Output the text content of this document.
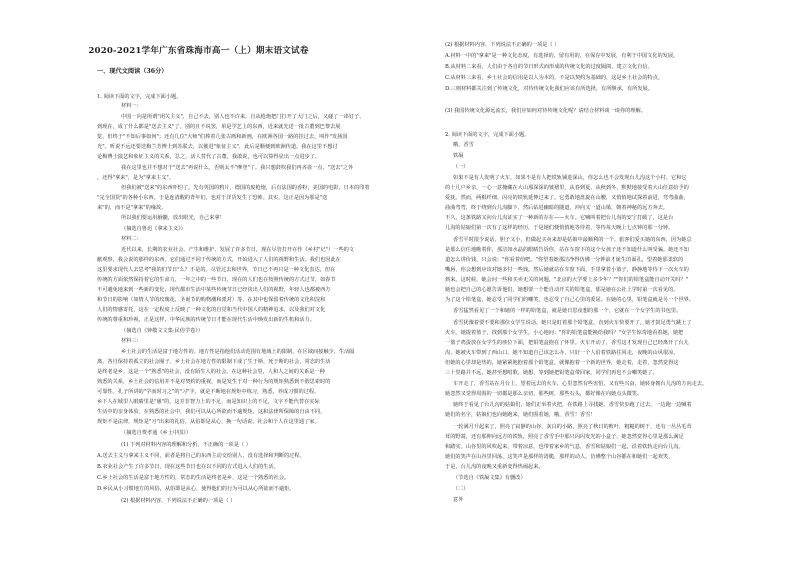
2020-2021学年广东省珠海市高一（上）期末语文试卷
一、现代文阅读（36分）
1. 阅读下面的文字，完成下面小题。
材料一：
中国一向是所谓"闭关主义"，自己不去，别人也不许来。自从枪炮把门打开了大门之后，又碰了一串钉子，
到现在，成了什么都是"送去主义"了。别的且不说罢，单是学艺上的东西，近来就先送一批古董到巴黎去展
览，但终于"不知后事如何"；还有几位"大师"们捧着几张古画和新画，在欧洲各国一路的挂过去，叫作"发扬国
光"。听说不远还要送梅兰芳博士到苏联去，以催进"象征主义"，此后是顺便到欧洲传道。我在这里不想讨
论梅博士演艺和象征主义的关系，总之，活人替代了古董，我敢说，也可以算得显出一点进步了。
我在这里也并不想对于"送去"再说什么，否则太不"摩登"了。我只想鼓吹我们再吝啬一点，"送去"之外
，还得"拿来"，是为"拿来主义"。
但我们被"送来"的东西吓怕了。先有英国的鸦片，德国的废枪炮，后有法国的香粉，美国的电影，日本的印着
"完全国货"的各种小东西。于是连清醒的青年们，也对于洋货发生了恐怖。其实，这正是因为那是"送
来"的，而不是"拿来"的缘故。
所以我们要运用脑髓，放出眼光，自己来拿！
（摘选自鲁迅《拿来主义》）
材料二：
近代以来，长期的农业社会，产生和维护、发展了许多节日，现在尽管打开在作《乡村"记"）一些的文
献观察，我会说的那样的东西，它们通过不同于传统的方式，开始进入了人们的视野和生活。我们也因此在
这里要求现代人去思考"我的们节日"么？不是的。尽管过去和世界，节日已不再只是一种文化表达，但在
传统的方面依然保持着它的生命力，一年之中的一些节日，现在的人们也在按照传统的方式过节，如春节
不可避免地来到一些新的变化，现代都市生活中某些传统节日已经淡出人们的视野，年轻人也都被西方
和节日的影响（如情人节的玫瑰花，圣诞节的购物潮和派对）等，在其中也保留着传统的文化积淀和
人们的情感寄托，这在一定程度上反映了一种文化的自觉和当代中国人的精神追求，以及我们对文化
传统的尊重和珍视，正是这样，中华民族的传统节日才能在现代生活中焕发出新的生机和活力。
（摘选自《钟敬文文集·民俗学卷》）
材料三：
乡土社会的生活是富于地方性的。地方性是指他们活动范围有地域上的限制，在区域间接触少，生活隔
离，各自保持着孤立的社会圈子。乡土社会在地方性的限制下成了生于斯、死于斯的社会，常态的生活
是终老是乡。这是一个"熟悉"的社会，没有陌生人的社会。在这种社会里，人和人之间的关系是一种
熟悉的关系，乡土社会的信用并不是对契约的重视，而是发生于对一种行为的规矩熟悉到不假思索时的
可靠性。孔子所讲的"学而时习之"的"习"字，就是不断地在规矩中练习，熟悉，养成习惯的过程。
乡下人在城里人眼睛里是"愚"的，这并非智力上的不足，而是知识上的不足，文字不能代替在实际
生活中的亲身体验。在熟悉的社会中，我们可以从心所欲而不逾规矩，这和法律所保障的自由不同，
规矩不是法律，规矩是"习"出来的礼俗。从俗即是从心，换一句话说，社会和个人在这里通了家。
（摘选自费孝通《乡土中国》）
(1) 下列对材料内容的理解和分析，不正确的一项是（ ）
A.送去主义与拿来主义不同，前者是将自己的东西主动交给别人，没有选择和判断的过程。
B.农业社会产生了许多节日，现在这些节日也在以不同的方式进入人们的生活。
C.乡土社会的生活是富于地方性的，常态的生活是终老是乡，这是一个熟悉的社会。
D.乡民从小习惯地方的风俗，从俗即是从心，使得他们的行为可以从心所欲而不逾矩。
(2) 根据材料内容，下列说法不正确的一项是（ ）
(2) 根据材料内容，下列说法不正确的一项是（ ）
A.材料一中的"拿来"是一种文化态度，有选择的，留有用的，在保存中发展，有利于中国文化的发展。
B.从材料二来看，人们由于各自的节日形式而形成的传统文化的过度隔阂，建立文化自信。
C.从材料三来看，乡土社会的信用是以人为本的，不是以契约为基础的，这是乡土社会的特点。
D.三则材料都关注到了传统文化，对待传统文化我们应该有所选择，有所继承，有所发展。
(3) 我国传统文化源远流长，我们应如何对待传统文化呢？请结合材料谈一谈你的理解。
2. 阅读下面的文字，完成下面小题。
哦，香雪
铁凝
（一）
如果不是有人发明了火车，如果不是有人把铁轨铺进深山，你怎么也不会发现台儿沟这个小村。它和它
的十几户乡亲，一心一意掩藏在大山那深深的皱褶里，从春到夏，从秋到冬，默默地接受着大山任意给予的
爱抚。然而，两根纤细、闪亮的铁轨延伸过来了。它勇敢地盘旋在山腰，又悄悄地试探着前进，弯弯曲曲，
曲曲弯弯，终于绕到台儿沟脚下，然后钻进幽暗的隧道，冲向又一道山梁，朝着神秘的远方奔去。
不久，这条铁路又向台儿沟证实了一种新的存在——火车。它喊叫着把台儿沟的安宁打破了，这是台
儿沟的姑娘们第一次有了这样的经历，于是她们便悄悄地等待着，等待每天晚上七点钟的那一分钟。
香雪平时很少说话，胆子又小，但做起买卖来却是姑娘中最顺利的一个。旅客们爱买她的东西，因为她总
是那么信任地瞧着你，那洁如水晶的眼睛告诉你，站在车窗下的这个女孩子还不知道什么叫受骗。她还不知
道怎么讲价钱，只会说："你看着给吧。"你望着她那洁净得仿佛一分钟前才诞生的面孔，望着她那柔软的
嘴唇，你会想到应该对她多付一些钱。然后她就站在车窗下面，手里拿着小篮子，静静地等待下一次火车的
到来。这时候，她会问一些和买卖无关的问题，"北京的大学要上多少年？""你们的铅笔盒能自动开关吗？"
她也会把自己的心愿告诉他们，她想要一个能自动开关的铅笔盒，那是她在公社上学时第一次看见的。
为了这个铅笔盒，她忍受了同学们的嘲笑，也忍受了自己心里的委屈。在她的心里，铅笔盒就是另一个世界。
香雪猛然看见了一个和她的一样的铅笔盒，就是她日思夜想的那一个，它就在一个女学生的书包里。
香雪犹豫着要不要和那位女学生说话，她只是盯着那个铅笔盒，直到火车快要开了，她才鼓足勇气跳上了
火车。她提着篮子，找到那个女学生，小心地问："你的铅笔盒能换给我吗？"女学生惊奇地看着她，她把
一篮子鸡蛋放在女学生的座位下面，把铅笔盒抱在了怀里。火车开动了，香雪这才发现自己已经离开了台儿
沟，她被火车带到了西山口。她不知道自己该怎么办，只好一个人沿着铁路往回走，夜晚的山风很凉，
但她的心里却是热的，她紧紧地抱着那个铅笔盒，就像抱着一个新的世界，她走着，走着，忽然觉得这
三十里路并不远，她甚至想唱歌，她想，等到她把铅笔盒带回家，同学们再也不会嘲笑她了。
车开走了，香雪站在月台上，望着远去的火车，心里忽然有些害怕，又有些兴奋，她转身朝台儿沟的方向走去。
她忽然又觉得周围的一切都是那么亲切，那些树，那些石头，都好像在向她点头微笑。
她终于看见了台儿沟的姑娘们，她们正举着火把，在铁路上寻找她。香雪快步跑了过去，一边跑一边喊着
她们的名字，姑娘们也向她跑来，她们围着她，哦，香雪！香雪！
一轮满月升起来了，照亮了寂静的山谷，灰白的小路，照亮了秋日的败叶，粗糙的树干，还有一丛丛毛茸
茸的野蒿，还有那伸向远方的铁轨，照亮了香雪手中那只闪闪发光的小盒子，她忽然觉得心里是那么满足
和踏实。山谷里的风吹起来，带着凉意，也带着家乡的气息，香雪和姑娘们一起，沿着铁轨走向台儿沟。
她们的笑声在山谷里回荡，这笑声是那样的清脆，那样的动人，仿佛整个山谷都在和她们一起欢笑。
于是，台儿沟的夜晚又重新变得热闹起来。
（节选自《铁凝文集》有删改）
（二）
意外
